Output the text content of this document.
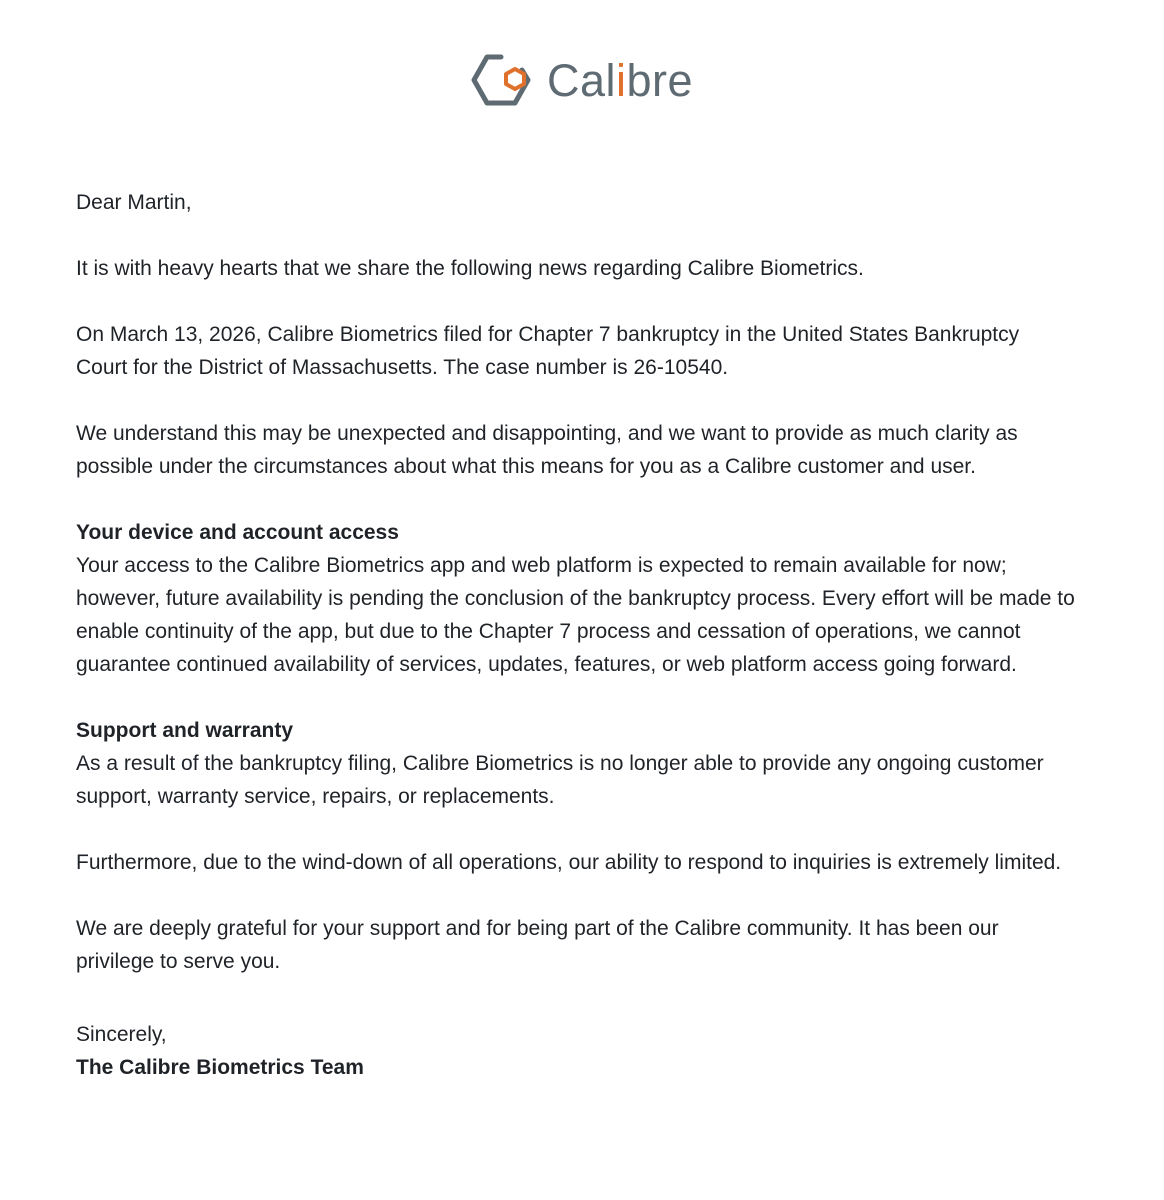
Calibre

Dear Martin,

It is with heavy hearts that we share the following news regarding Calibre Biometrics.

On March 13, 2026, Calibre Biometrics filed for Chapter 7 bankruptcy in the United States Bankruptcy Court for the District of Massachusetts. The case number is 26-10540.

We understand this may be unexpected and disappointing, and we want to provide as much clarity as possible under the circumstances about what this means for you as a Calibre customer and user.

Your device and account access
Your access to the Calibre Biometrics app and web platform is expected to remain available for now; however, future availability is pending the conclusion of the bankruptcy process. Every effort will be made to enable continuity of the app, but due to the Chapter 7 process and cessation of operations, we cannot guarantee continued availability of services, updates, features, or web platform access going forward.

Support and warranty
As a result of the bankruptcy filing, Calibre Biometrics is no longer able to provide any ongoing customer support, warranty service, repairs, or replacements.

Furthermore, due to the wind-down of all operations, our ability to respond to inquiries is extremely limited.

We are deeply grateful for your support and for being part of the Calibre community. It has been our privilege to serve you.

Sincerely,
The Calibre Biometrics Team
